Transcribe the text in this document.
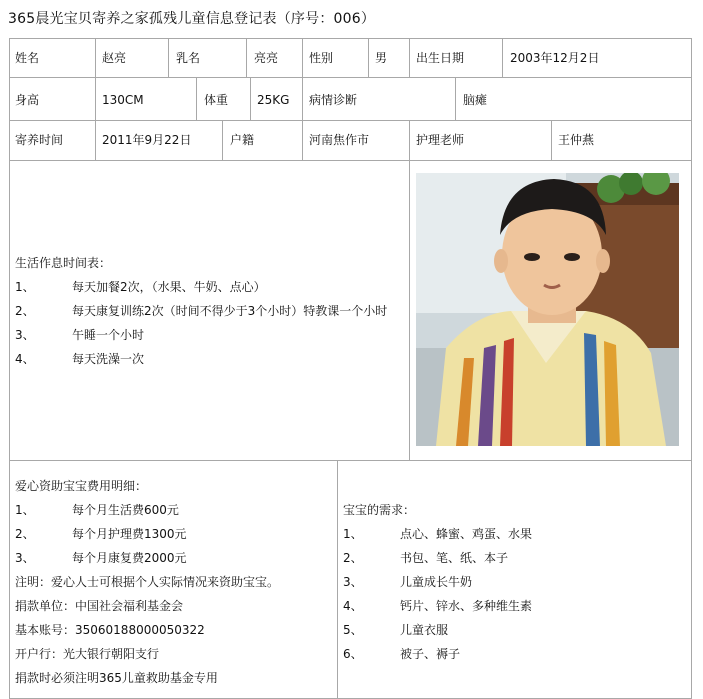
365晨光宝贝寄养之家孤残儿童信息登记表（序号：006）
姓名	赵亮	乳名	亮亮	性别	男 出生日期	2003年12月2日
身高	130CM	体重 25KG 病情诊断	脑瘫
寄养时间	2011年9月22日	户籍	河南焦作市	护理老师	王仲燕
生活作息时间表：
1、	每天加餐2次，（水果、牛奶、点心）
2、	每天康复训练2次（时间不得少于3个小时）特教课一个小时
3、	午睡一个小时
4、	每天洗澡一次
爱心资助宝宝费用明细：
1、	每个月生活费600元
2、	每个月护理费1300元
3、	每个月康复费2000元
注明：爱心人士可根据个人实际情况来资助宝宝。
捐款单位：中国社会福利基金会
基本账号：35060188000050322
开户行：光大银行朝阳支行
捐款时必须注明365儿童救助基金专用
宝宝的需求：
1、	点心、蜂蜜、鸡蛋、水果
2、	书包、笔、纸、本子
3、	儿童成长牛奶
4、	钙片、锌水、多种维生素
5、	儿童衣服
6、	被子、褥子
